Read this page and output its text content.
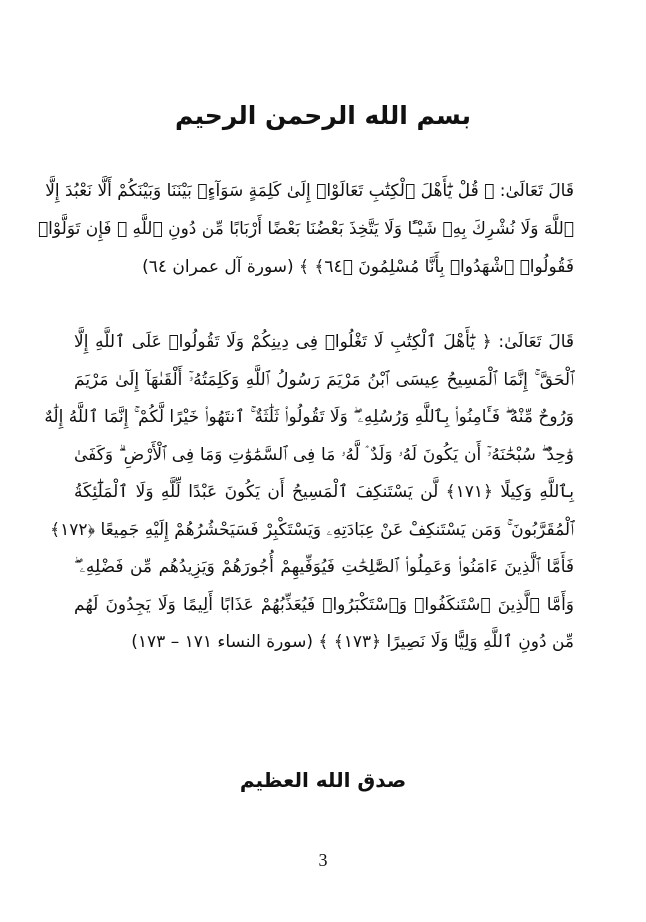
بسم الله الرحمن الرحيم
قَالَ تَعَالَىٰ: ﴿ قُلْ يَٰٓأَهْلَ ٱلْكِتَٰبِ تَعَالَوْا۟ إِلَىٰ كَلِمَةٍ سَوَآءٍۭ بَيْنَنَا وَبَيْنَكُمْ أَلَّا نَعْبُدَ إِلَّا
ٱللَّهَ وَلَا نُشْرِكَ بِهِۦ شَيْـًٔا وَلَا يَتَّخِذَ بَعْضُنَا بَعْضًا أَرْبَابًا مِّن دُونِ ٱللَّهِ ۚ فَإِن تَوَلَّوْا۟
فَقُولُوا۟ ٱشْهَدُوا۟ بِأَنَّا مُسْلِمُونَ ﴿٦٤﴾ ﴾ (سورة آل عمران ٦٤)
قَالَ تَعَالَىٰ: ﴿ يَٰٓأَهْلَ ٱلْكِتَٰبِ لَا تَغْلُوا۟ فِى دِينِكُمْ وَلَا تَقُولُوا۟ عَلَى ٱللَّهِ إِلَّا
ٱلْحَقَّ ۚ إِنَّمَا ٱلْمَسِيحُ عِيسَى ٱبْنُ مَرْيَمَ رَسُولُ ٱللَّهِ وَكَلِمَتُهُۥٓ أَلْقَىٰهَآ إِلَىٰ مَرْيَمَ
وَرُوحٌ مِّنْهُ ۖ فَـَٔامِنُوا۟ بِٱللَّهِ وَرُسُلِهِۦ ۖ وَلَا تَقُولُوا۟ ثَلَٰثَةٌ ۚ ٱنتَهُوا۟ خَيْرًا لَّكُمْ ۚ إِنَّمَا ٱللَّهُ إِلَٰهٌ
وَٰحِدٌ ۖ سُبْحَٰنَهُۥٓ أَن يَكُونَ لَهُۥ وَلَدٌ ۘ لَّهُۥ مَا فِى ٱلسَّمَٰوَٰتِ وَمَا فِى ٱلْأَرْضِ ۗ وَكَفَىٰ
بِٱللَّهِ وَكِيلًا ﴿١٧١﴾ لَّن يَسْتَنكِفَ ٱلْمَسِيحُ أَن يَكُونَ عَبْدًا لِّلَّهِ وَلَا ٱلْمَلَٰٓئِكَةُ
ٱلْمُقَرَّبُونَ ۚ وَمَن يَسْتَنكِفْ عَنْ عِبَادَتِهِۦ وَيَسْتَكْبِرْ فَسَيَحْشُرُهُمْ إِلَيْهِ جَمِيعًا ﴿١٧٢﴾
فَأَمَّا ٱلَّذِينَ ءَامَنُوا۟ وَعَمِلُوا۟ ٱلصَّٰلِحَٰتِ فَيُوَفِّيهِمْ أُجُورَهُمْ وَيَزِيدُهُم مِّن فَضْلِهِۦ ۖ
وَأَمَّا ٱلَّذِينَ ٱسْتَنكَفُوا۟ وَٱسْتَكْبَرُوا۟ فَيُعَذِّبُهُمْ عَذَابًا أَلِيمًا وَلَا يَجِدُونَ لَهُم
مِّن دُونِ ٱللَّهِ وَلِيًّا وَلَا نَصِيرًا ﴿١٧٣﴾ ﴾ (سورة النساء ١٧١ – ١٧٣)
صدق الله العظيم
3
